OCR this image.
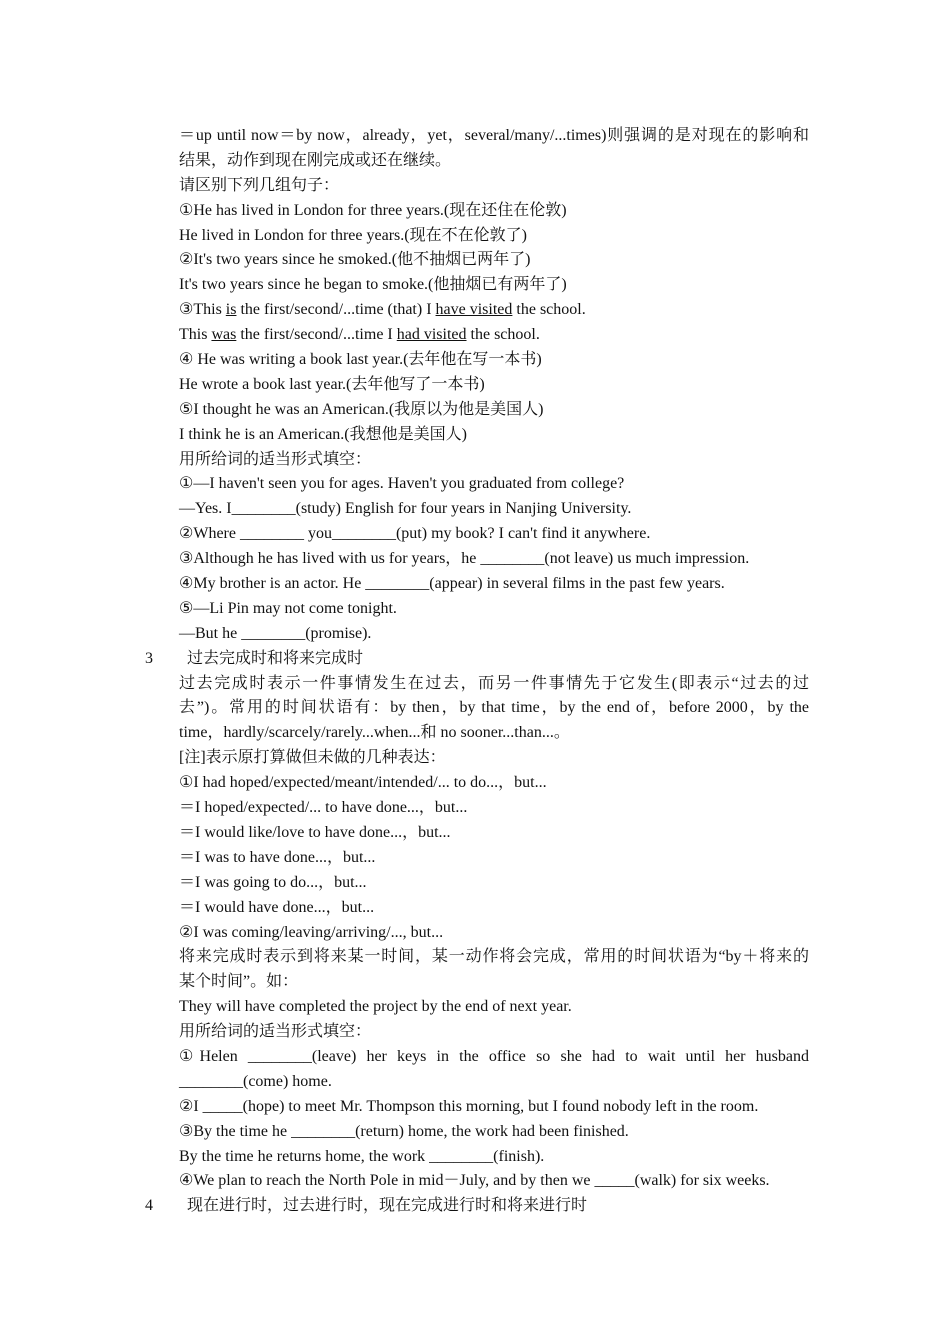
＝up until now＝by now，already，yet，several/many/...times)则强调的是对现在的影响和
结果，动作到现在刚完成或还在继续。
请区别下列几组句子：
①He has lived in London for three years.(现在还住在伦敦)
He lived in London for three years.(现在不在伦敦了)
②It's two years since he smoked.(他不抽烟已两年了)
It's two years since he began to smoke.(他抽烟已有两年了)
③This is the first/second/...time (that) I have visited the school.
This was the first/second/...time I had visited the school.
④ He was writing a book last year.(去年他在写一本书)
He wrote a book last year.(去年他写了一本书)
⑤I thought he was an American.(我原以为他是美国人)
I think he is an American.(我想他是美国人)
用所给词的适当形式填空：
①—I haven't seen you for ages. Haven't you graduated from college?
—Yes. I________(study) English for four years in Nanjing University.
②Where ________ you________(put) my book? I can't find it anywhere.
③Although he has lived with us for years，he ________(not leave) us much impression.
④My brother is an actor. He ________(appear) in several films in the past few years.
⑤—Li Pin may not come tonight.
—But he ________(promise).
3 过去完成时和将来完成时
过去完成时表示一件事情发生在过去，而另一件事情先于它发生(即表示“过去的过
去”)。常用的时间状语有：by then，by that time，by the end of，before 2000，by the
time，hardly/scarcely/rarely...when...和 no sooner...than...。
[注]表示原打算做但未做的几种表达：
①I had hoped/expected/meant/intended/... to do...，but...
＝I hoped/expected/... to have done...，but...
＝I would like/love to have done...，but...
＝I was to have done...，but...
＝I was going to do...，but...
＝I would have done...，but...
②I was coming/leaving/arriving/..., but...
将来完成时表示到将来某一时间，某一动作将会完成，常用的时间状语为“by＋将来的
某个时间”。如：
They will have completed the project by the end of next year.
用所给词的适当形式填空：
①Helen ________(leave) her keys in the office so she had to wait until her husband
________(come) home.
②I _____(hope) to meet Mr. Thompson this morning, but I found nobody left in the room.
③By the time he ________(return) home, the work had been finished.
By the time he returns home, the work ________(finish).
④We plan to reach the North Pole in mid－July, and by then we _____(walk) for six weeks.
4 现在进行时，过去进行时，现在完成进行时和将来进行时
